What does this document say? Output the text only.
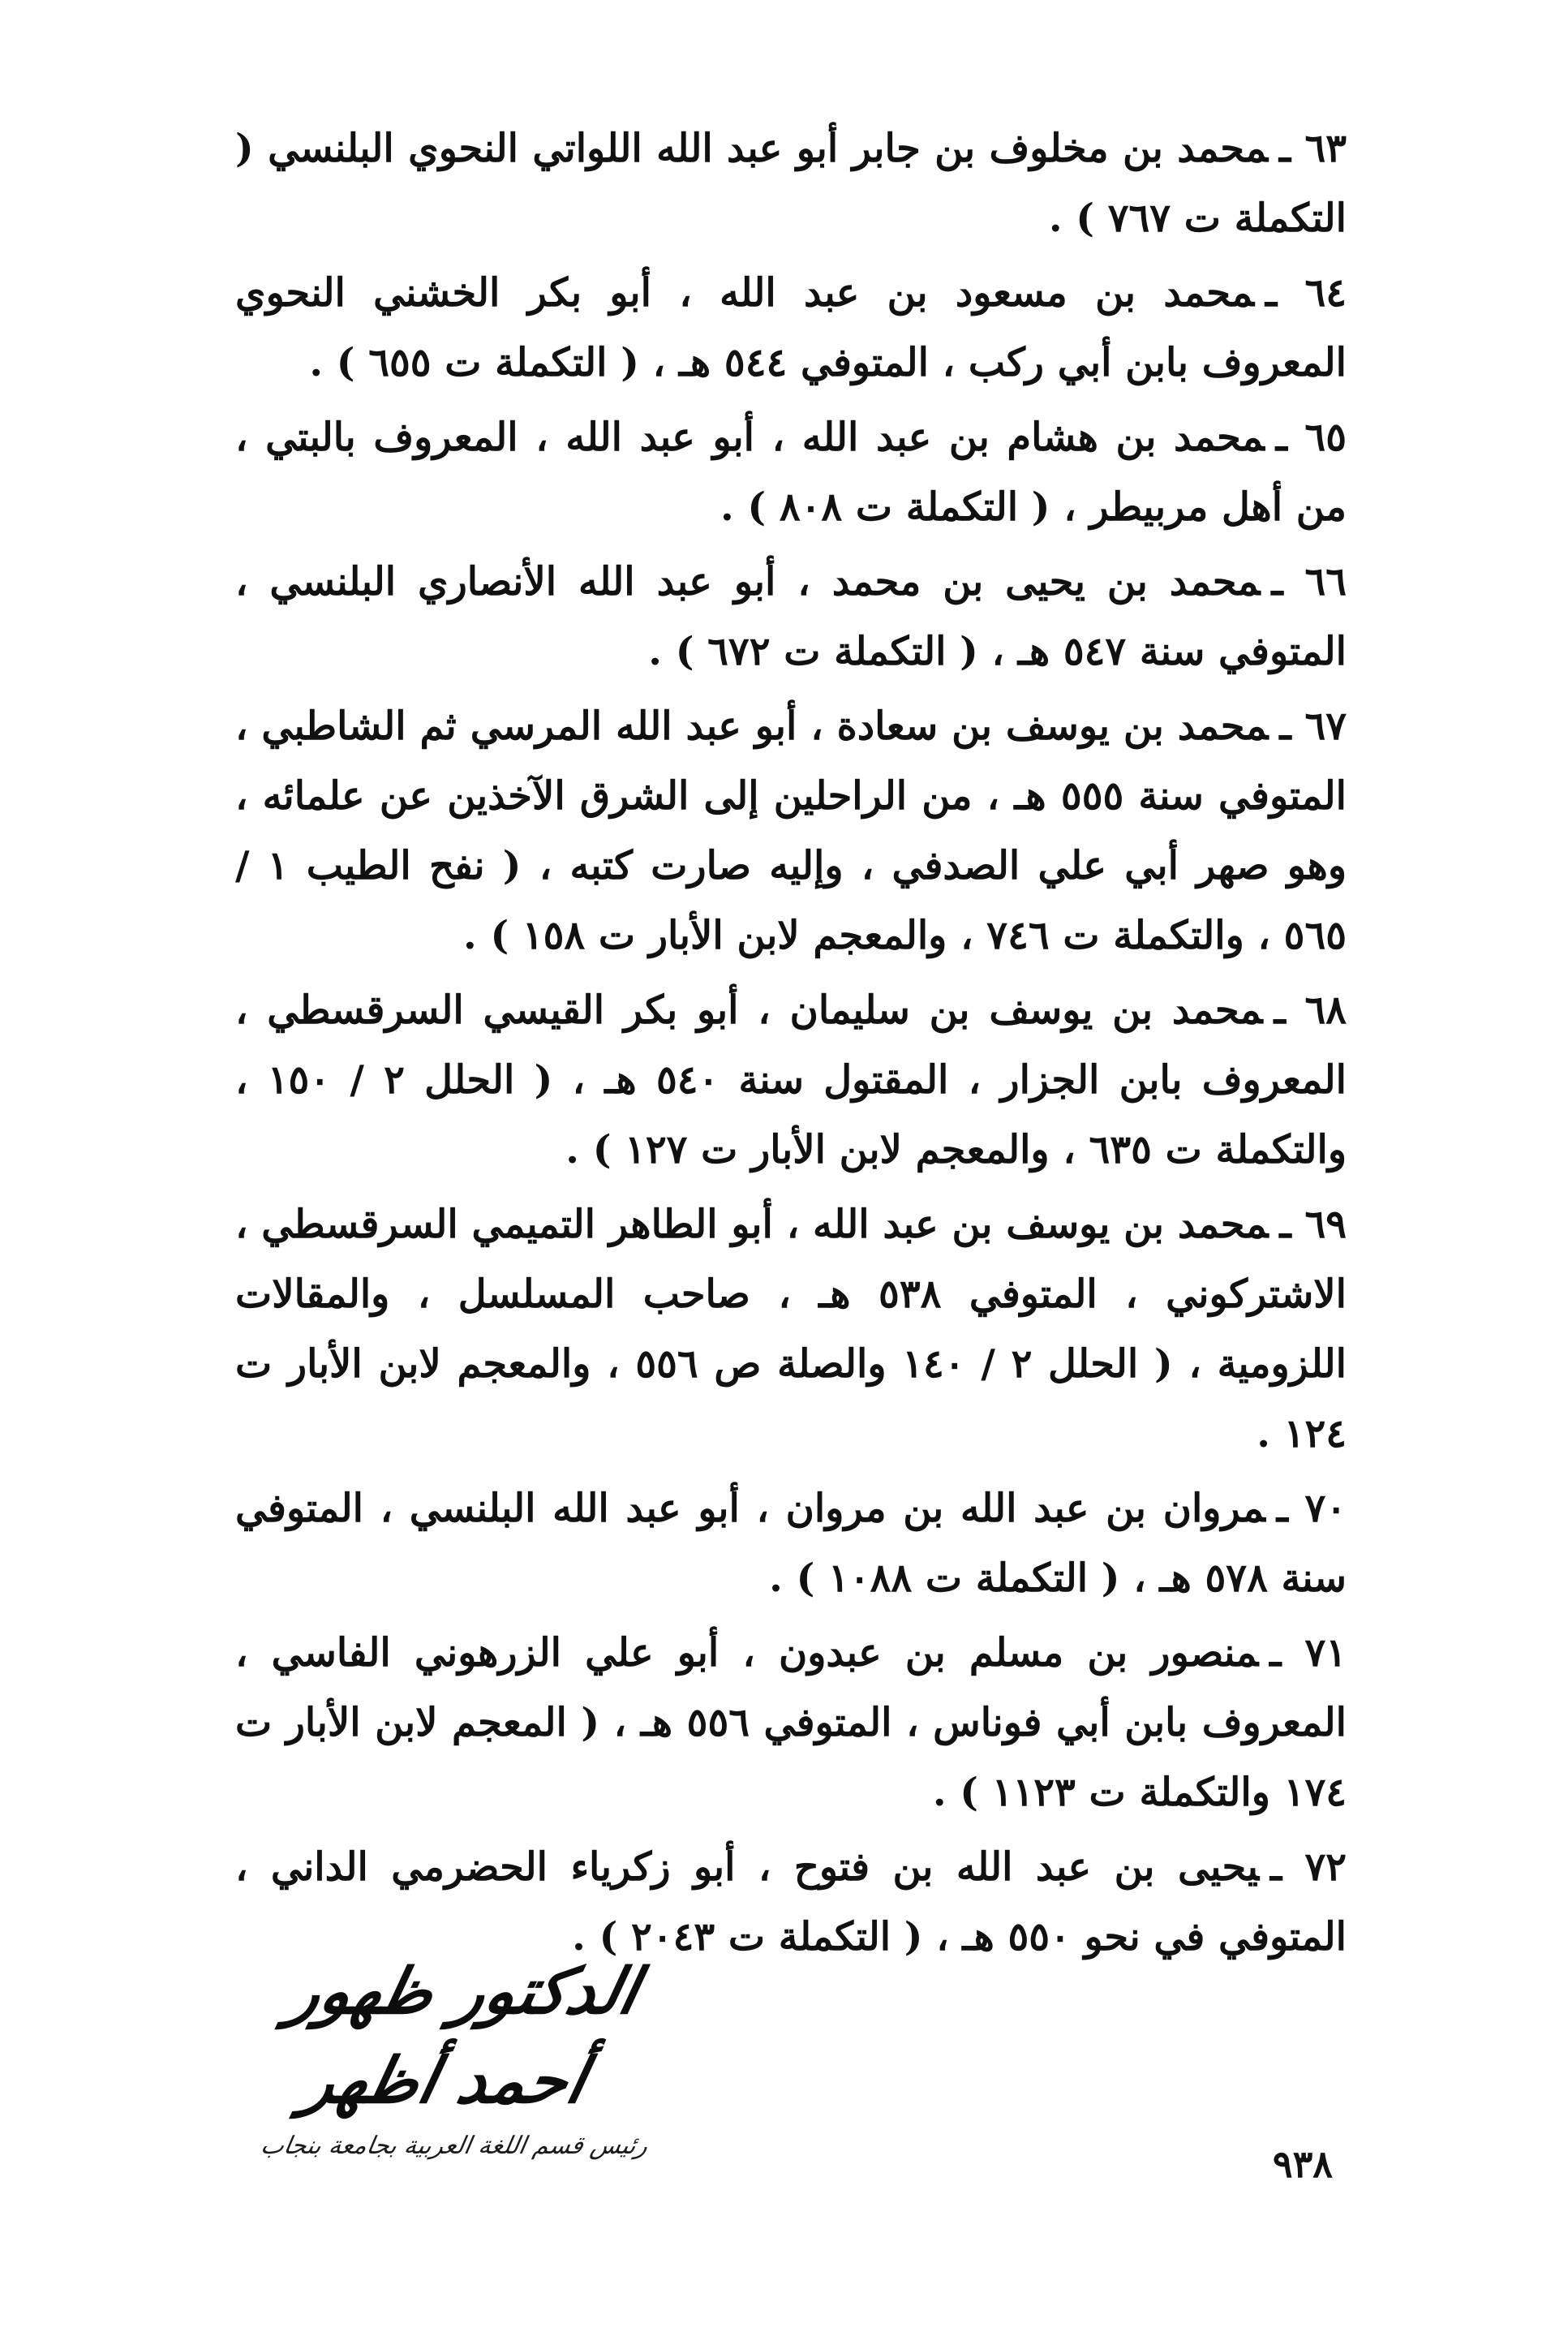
٦٣ ـمحمد بن مخلوف بن جابر أبو عبد الله اللواتي النحوي البلنسي ( التكملة ت ٧٦٧ ) .

٦٤ ـمحمد بن مسعود بن عبد الله ، أبو بكر الخشني النحوي المعروف بابن أبي ركب ، المتوفي ٥٤٤ هـ ، ( التكملة ت ٦٥٥ ) .

٦٥ ـمحمد بن هشام بن عبد الله ، أبو عبد الله ، المعروف بالبتي ، من أهل مربيطر ، ( التكملة ت ٨٠٨ ) .

٦٦ ـمحمد بن يحيى بن محمد ، أبو عبد الله الأنصاري البلنسي ، المتوفي سنة ٥٤٧ هـ ، ( التكملة ت ٦٧٢ ) .

٦٧ ـمحمد بن يوسف بن سعادة ، أبو عبد الله المرسي ثم الشاطبي ، المتوفي سنة ٥٥٥ هـ ، من الراحلين إلى الشرق الآخذين عن علمائه ، وهو صهر أبي علي الصدفي ، وإليه صارت كتبه ، ( نفح الطيب ١ / ٥٦٥ ، والتكملة ت ٧٤٦ ، والمعجم لابن الأبار ت ١٥٨ ) .

٦٨ ـمحمد بن يوسف بن سليمان ، أبو بكر القيسي السرقسطي ، المعروف بابن الجزار ، المقتول سنة ٥٤٠ هـ ، ( الحلل ٢ / ١٥٠ ، والتكملة ت ٦٣٥ ، والمعجم لابن الأبار ت ١٢٧ ) .

٦٩ ـمحمد بن يوسف بن عبد الله ، أبو الطاهر التميمي السرقسطي ، الاشتركوني ، المتوفي ٥٣٨ هـ ، صاحب المسلسل ، والمقالات اللزومية ، ( الحلل ٢ / ١٤٠ والصلة ص ٥٥٦ ، والمعجم لابن الأبار ت ١٢٤ .

٧٠ ـمروان بن عبد الله بن مروان ، أبو عبد الله البلنسي ، المتوفي سنة ٥٧٨ هـ ، ( التكملة ت ١٠٨٨ ) .

٧١ ـمنصور بن مسلم بن عبدون ، أبو علي الزرهوني الفاسي ، المعروف بابن أبي فوناس ، المتوفي ٥٥٦ هـ ، ( المعجم لابن الأبار ت ١٧٤ والتكملة ت ١١٢٣ ) .

٧٢ ـيحيى بن عبد الله بن فتوح ، أبو زكرياء الحضرمي الداني ، المتوفي في نحو ٥٥٠ هـ ، ( التكملة ت ٢٠٤٣ ) .

الدكتور ظهور أحمد أظهر
رئيس قسم اللغة العربية بجامعة بنجاب	٩٣٨
